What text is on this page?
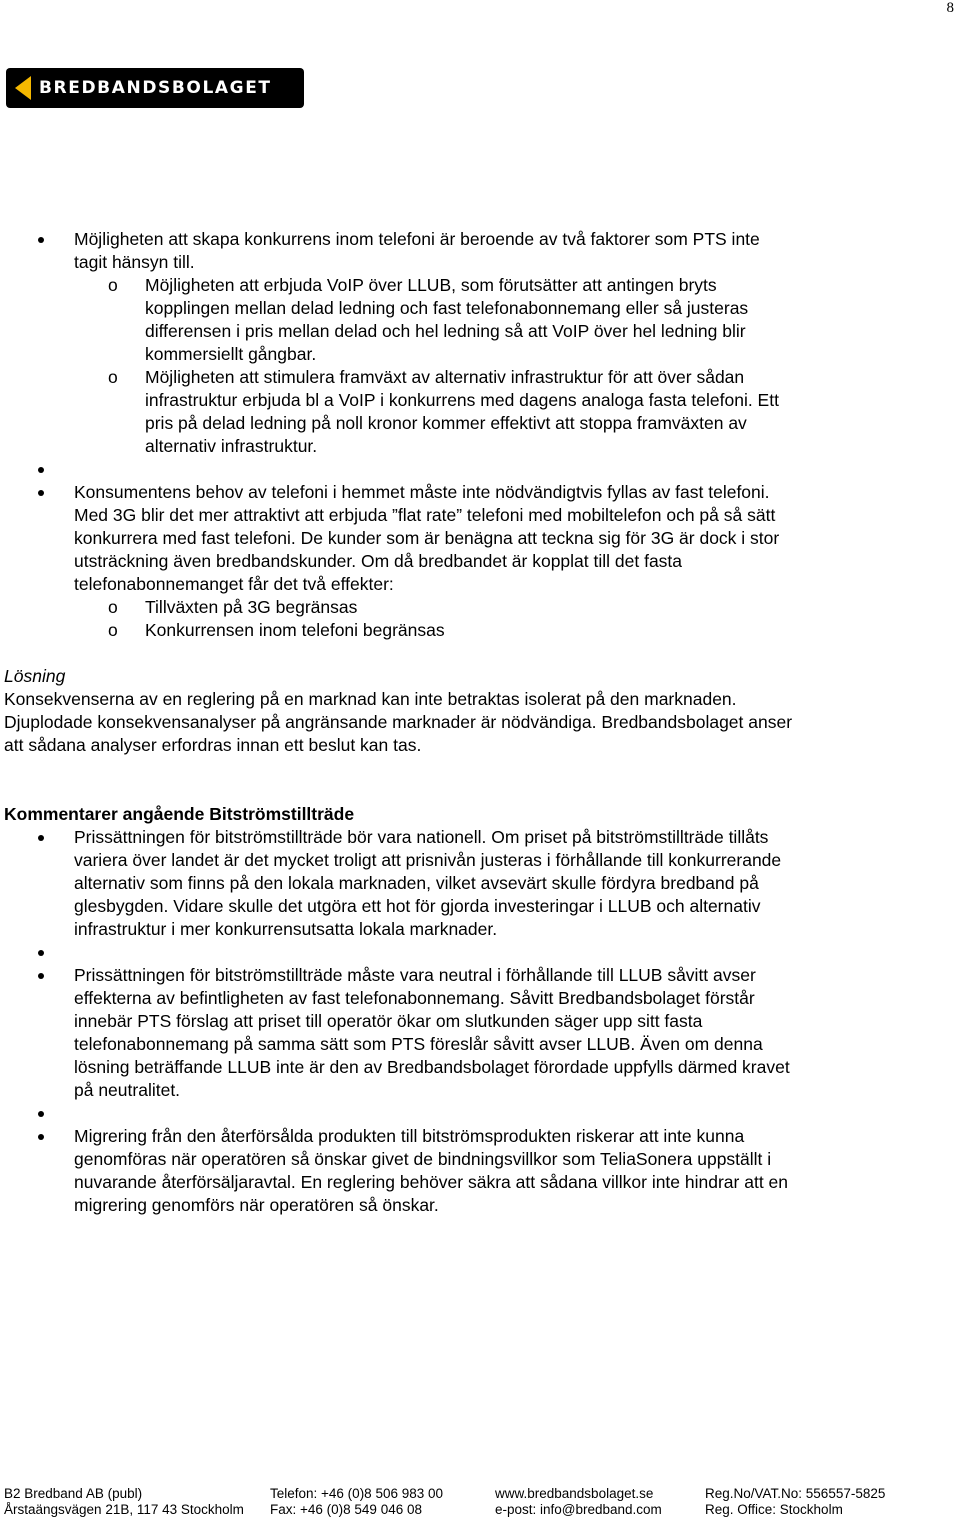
8
BREDBANDSBOLAGET
Möjligheten att skapa konkurrens inom telefoni är beroende av två faktorer som PTS inte tagit hänsyn till.
o Möjligheten att erbjuda VoIP över LLUB, som förutsätter att antingen bryts kopplingen mellan delad ledning och fast telefonabonnemang eller så justeras differensen i pris mellan delad och hel ledning så att VoIP över hel ledning blir kommersiellt gångbar.
o Möjligheten att stimulera framväxt av alternativ infrastruktur för att över sådan infrastruktur erbjuda bl a VoIP i konkurrens med dagens analoga fasta telefoni. Ett pris på delad ledning på noll kronor kommer effektivt att stoppa framväxten av alternativ infrastruktur.
Konsumentens behov av telefoni i hemmet måste inte nödvändigtvis fyllas av fast telefoni. Med 3G blir det mer attraktivt att erbjuda ”flat rate” telefoni med mobiltelefon och på så sätt konkurrera med fast telefoni. De kunder som är benägna att teckna sig för 3G är dock i stor utsträckning även bredbandskunder. Om då bredbandet är kopplat till det fasta telefonabonnemanget får det två effekter:
o Tillväxten på 3G begränsas
o Konkurrensen inom telefoni begränsas
Lösning
Konsekvenserna av en reglering på en marknad kan inte betraktas isolerat på den marknaden. Djuplodade konsekvensanalyser på angränsande marknader är nödvändiga. Bredbandsbolaget anser att sådana analyser erfordras innan ett beslut kan tas.
Kommentarer angående Bitströmstillträde
Prissättningen för bitströmstillträde bör vara nationell. Om priset på bitströmstillträde tillåts variera över landet är det mycket troligt att prisnivån justeras i förhållande till konkurrerande alternativ som finns på den lokala marknaden, vilket avsevärt skulle fördyra bredband på glesbygden. Vidare skulle det utgöra ett hot för gjorda investeringar i LLUB och alternativ infrastruktur i mer konkurrensutsatta lokala marknader.
Prissättningen för bitströmstillträde måste vara neutral i förhållande till LLUB såvitt avser effekterna av befintligheten av fast telefonabonnemang. Såvitt Bredbandsbolaget förstår innebär PTS förslag att priset till operatör ökar om slutkunden säger upp sitt fasta telefonabonnemang på samma sätt som PTS föreslår såvitt avser LLUB. Även om denna lösning beträffande LLUB inte är den av Bredbandsbolaget förordade uppfylls därmed kravet på neutralitet.
Migrering från den återförsålda produkten till bitströmsprodukten riskerar att inte kunna genomföras när operatören så önskar givet de bindningsvillkor som TeliaSonera uppställt i nuvarande återförsäljaravtal. En reglering behöver säkra att sådana villkor inte hindrar att en migrering genomförs när operatören så önskar.
B2 Bredband AB (publ)	Telefon: +46 (0)8 506 983 00	www.bredbandsbolaget.se	Reg.No/VAT.No: 556557-5825
Årstaängsvägen 21B, 117 43 Stockholm Fax: +46 (0)8 549 046 08	e-post: info@bredband.com	Reg. Office: Stockholm
